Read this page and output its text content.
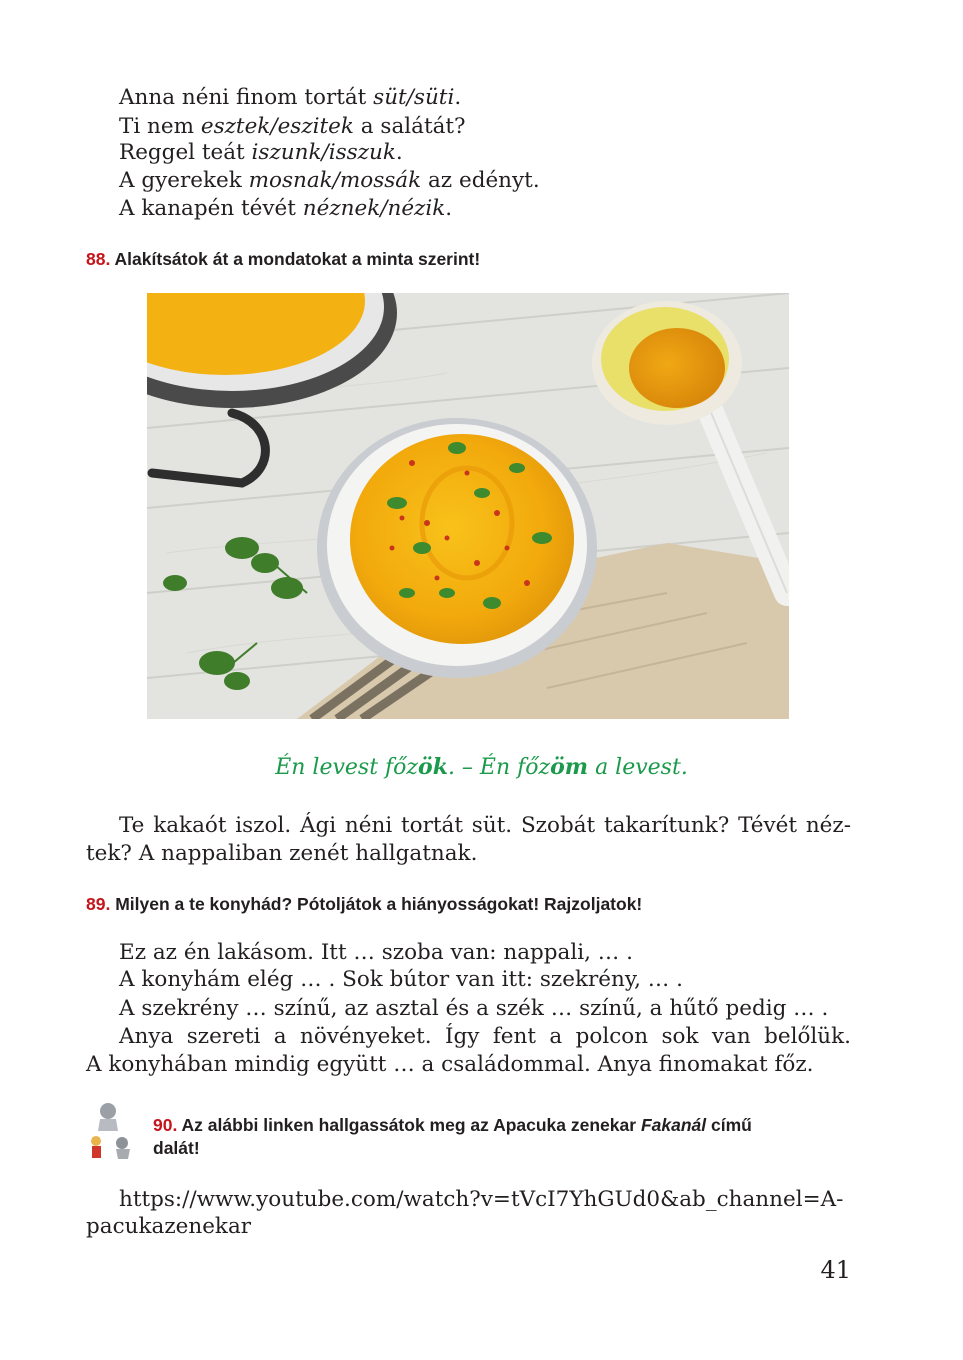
Anna néni finom tortát süt/süti.
Ti nem esztek/eszitek a salátát?
Reggel teát iszunk/isszuk.
A gyerekek mosnak/mossák az edényt.
A kanapén tévét néznek/nézik.
88. Alakítsátok át a mondatokat a minta szerint!
Én levest főzök. – Én főzöm a levest.
Te kakaót iszol. Ági néni tortát süt. Szobát takarítunk? Tévét néz-
tek? A nappaliban zenét hallgatnak.
89. Milyen a te konyhád? Pótoljátok a hiányosságokat! Rajzoljatok!
Ez az én lakásom. Itt … szoba van: nappali, … .
A konyhám elég … . Sok bútor van itt: szekrény, … .
A szekrény … színű, az asztal és a szék … színű, a hűtő pedig … .
Anya szereti a növényeket. Így fent a polcon sok van belőlük.
A konyhában mindig együtt … a családommal. Anya finomakat főz.
90. Az alábbi linken hallgassátok meg az Apacuka zenekar Fakanál című
dalát!
https://www.youtube.com/watch?v=tVcI7YhGUd0&ab_channel=A-
pacukazenekar
41
